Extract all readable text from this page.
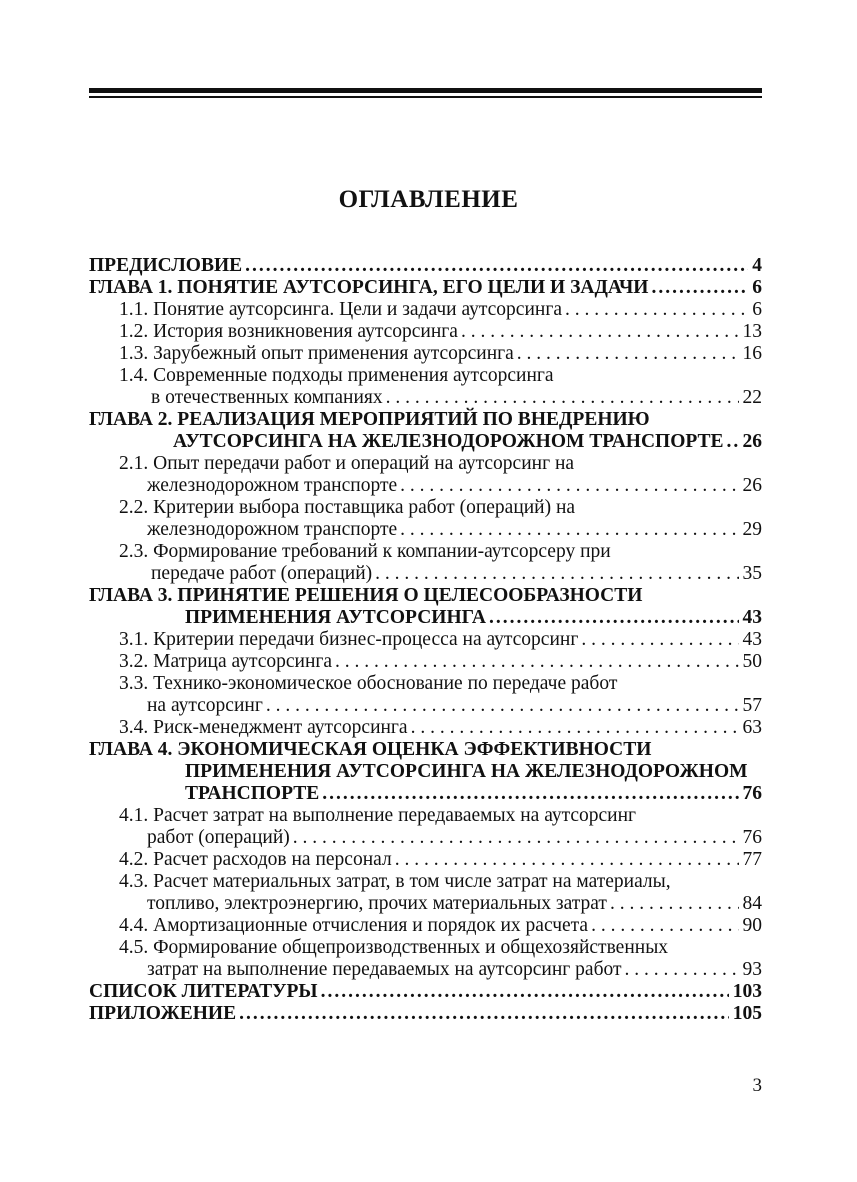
ОГЛАВЛЕНИЕ
ПРЕДИСЛОВИЕ .....	4
ГЛАВА 1. ПОНЯТИЕ АУТСОРСИНГА, ЕГО ЦЕЛИ И ЗАДАЧИ .....	6
1.1. Понятие аутсорсинга. Цели и задачи аутсорсинга . . .	6
1.2. История возникновения аутсорсинга . . .	13
1.3. Зарубежный опыт применения аутсорсинга . . .	16
1.4. Современные подходы применения аутсорсинга
в отечественных компаниях . . .	22
ГЛАВА 2. РЕАЛИЗАЦИЯ МЕРОПРИЯТИЙ ПО ВНЕДРЕНИЮ
АУТСОРСИНГА НА ЖЕЛЕЗНОДОРОЖНОМ ТРАНСПОРТЕ ..... 26
2.1. Опыт передачи работ и операций на аутсорсинг на
железнодорожном транспорте . . .	26
2.2. Критерии выбора поставщика работ (операций) на
железнодорожном транспорте . . .	29
2.3. Формирование требований к компании-аутсорсеру при
передаче работ (операций) . . .	35
ГЛАВА 3. ПРИНЯТИЕ РЕШЕНИЯ О ЦЕЛЕСООБРАЗНОСТИ
ПРИМЕНЕНИЯ АУТСОРСИНГА .....	43
3.1. Критерии передачи бизнес-процесса на аутсорсинг . . .	43
3.2. Матрица аутсорсинга . . .	50
3.3. Технико-экономическое обоснование по передаче работ
на аутсорсинг . . .	57
3.4. Риск-менеджмент аутсорсинга . . .	63
ГЛАВА 4. ЭКОНОМИЧЕСКАЯ ОЦЕНКА ЭФФЕКТИВНОСТИ
ПРИМЕНЕНИЯ АУТСОРСИНГА НА ЖЕЛЕЗНОДОРОЖНОМ
ТРАНСПОРТЕ .....	76
4.1. Расчет затрат на выполнение передаваемых на аутсорсинг
работ (операций) . . .	76
4.2. Расчет расходов на персонал . . .	77
4.3. Расчет материальных затрат, в том числе затрат на материалы,
топливо, электроэнергию, прочих материальных затрат . . .	84
4.4. Амортизационные отчисления и порядок их расчета . . .	90
4.5. Формирование общепроизводственных и общехозяйственных
затрат на выполнение передаваемых на аутсорсинг работ . . .	93
СПИСОК ЛИТЕРАТУРЫ .....	103
ПРИЛОЖЕНИЕ .....	105
3
